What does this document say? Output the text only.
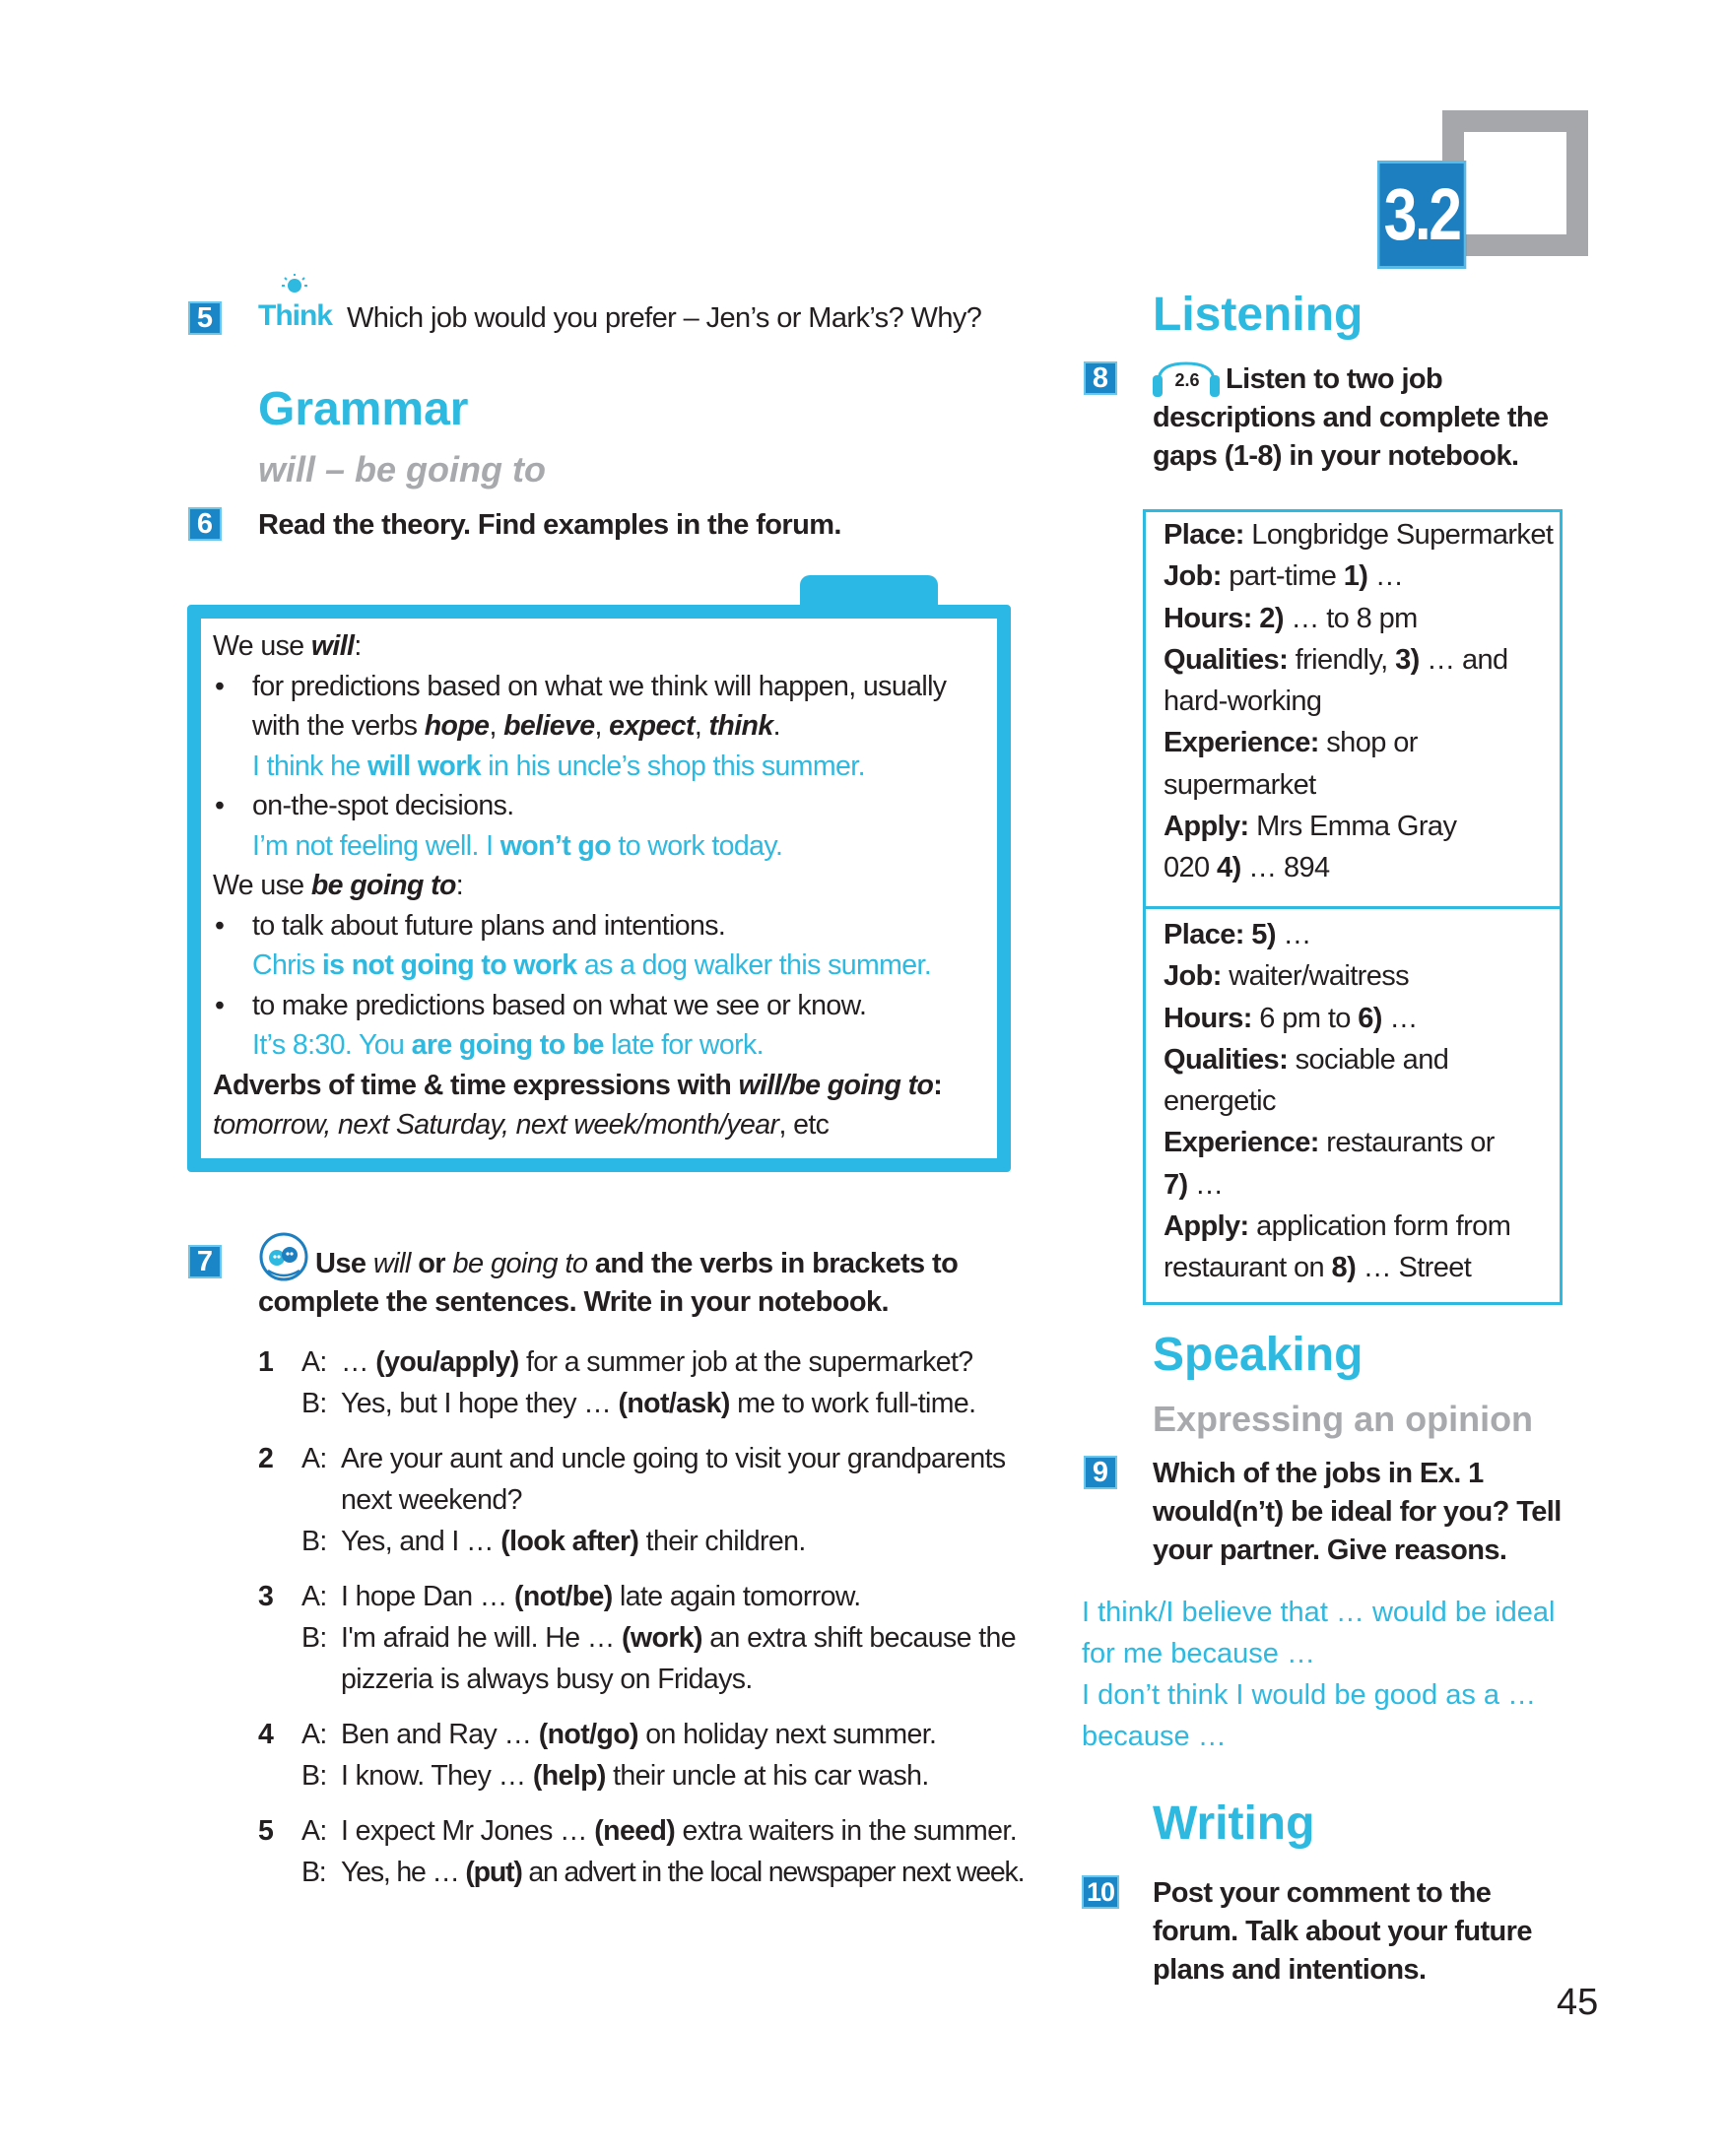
3.2
5 Think Which job would you prefer – Jen’s or Mark’s? Why?
Grammar
will – be going to
6	Read the theory. Find examples in the forum.
We use will:
• for predictions based on what we think will happen, usually
with the verbs hope, believe, expect, think.
I think he will work in his uncle’s shop this summer.
• on-the-spot decisions.
I’m not feeling well. I won’t go to work today.
We use be going to:
• to talk about future plans and intentions.
Chris is not going to work as a dog walker this summer.
• to make predictions based on what we see or know.
It’s 8:30. You are going to be late for work.
Adverbs of time & time expressions with will/be going to:
tomorrow, next Saturday, next week/month/year, etc
7	Use will or be going to and the verbs in brackets to
complete the sentences. Write in your notebook.
1 A: … (you/apply) for a summer job at the supermarket?
B: Yes, but I hope they … (not/ask) me to work full-time.
2 A: Are your aunt and uncle going to visit your grandparents
next weekend?
B: Yes, and I … (look after) their children.
3 A: I hope Dan … (not/be) late again tomorrow.
B: I'm afraid he will. He … (work) an extra shift because the
pizzeria is always busy on Fridays.
4 A: Ben and Ray … (not/go) on holiday next summer.
B: I know. They … (help) their uncle at his car wash.
5 A: I expect Mr Jones … (need) extra waiters in the summer.
B: Yes, he … (put) an advert in the local newspaper next week.
Listening
8	2.6 Listen to two job
descriptions and complete the
gaps (1-8) in your notebook.
Place: Longbridge Supermarket
Job: part-time 1) …
Hours: 2) … to 8 pm
Qualities: friendly, 3) … and
hard-working
Experience: shop or
supermarket
Apply: Mrs Emma Gray
020 4) … 894
Place: 5) …
Job: waiter/waitress
Hours: 6 pm to 6) …
Qualities: sociable and
energetic
Experience: restaurants or
7) …
Apply: application form from
restaurant on 8) … Street
Speaking
Expressing an opinion
9	Which of the jobs in Ex. 1
would(n’t) be ideal for you? Tell
your partner. Give reasons.
I think/I believe that … would be ideal
for me because …
I don’t think I would be good as a …
because …
Writing
10 Post your comment to the
forum. Talk about your future
plans and intentions.
45
